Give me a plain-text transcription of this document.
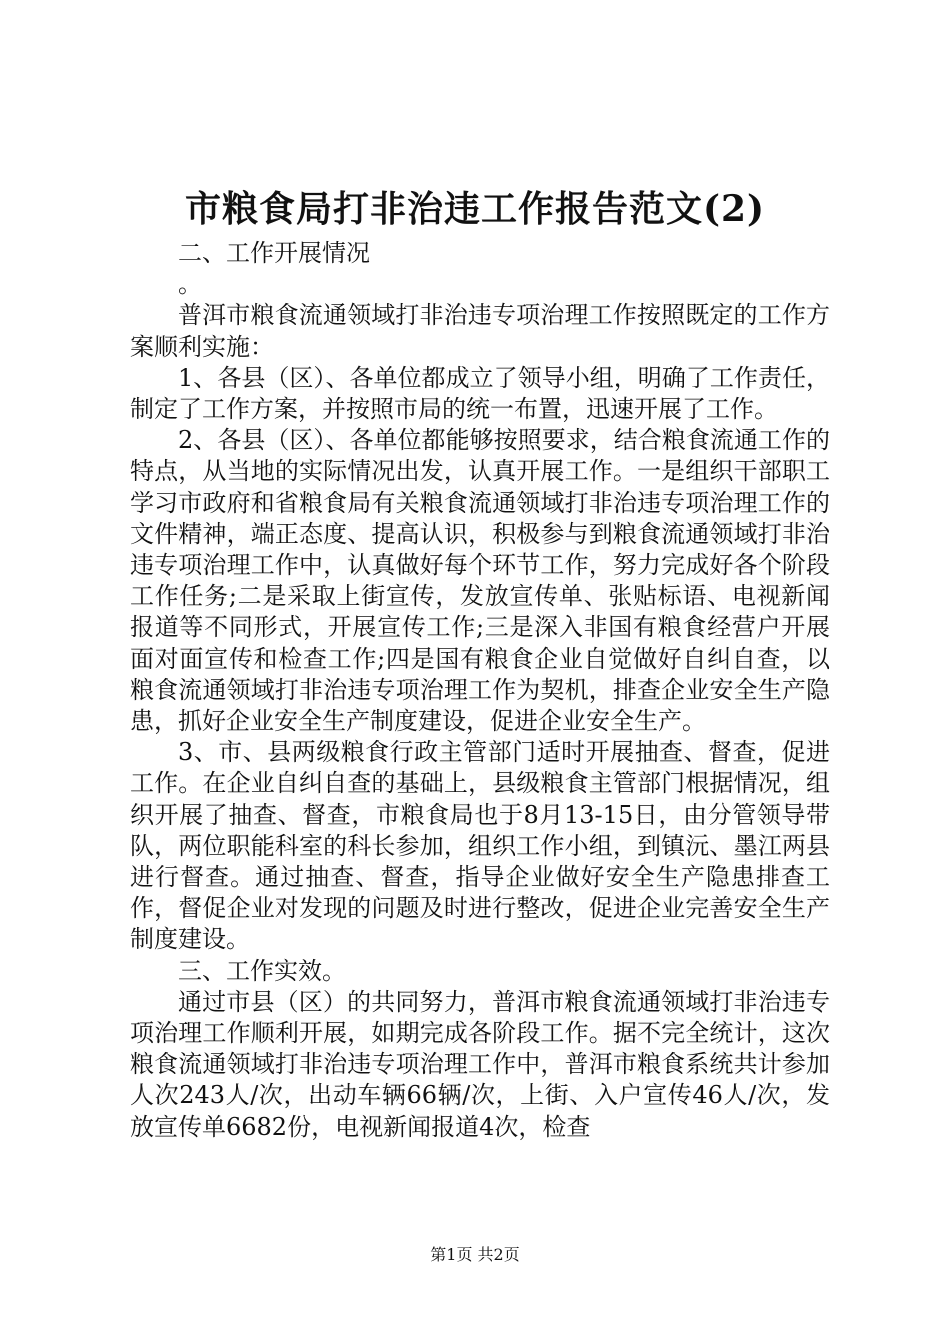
市粮食局打非治违工作报告范文(2)

二、工作开展情况

。

普洱市粮食流通领域打非治违专项治理工作按照既定的工作方案顺利实施：

1、各县（区）、各单位都成立了领导小组，明确了工作责任，制定了工作方案，并按照市局的统一布置，迅速开展了工作。

2、各县（区）、各单位都能够按照要求，结合粮食流通工作的特点，从当地的实际情况出发，认真开展工作。一是组织干部职工学习市政府和省粮食局有关粮食流通领域打非治违专项治理工作的文件精神，端正态度、提高认识，积极参与到粮食流通领域打非治违专项治理工作中，认真做好每个环节工作，努力完成好各个阶段工作任务;二是采取上街宣传，发放宣传单、张贴标语、电视新闻报道等不同形式，开展宣传工作;三是深入非国有粮食经营户开展面对面宣传和检查工作;四是国有粮食企业自觉做好自纠自查，以粮食流通领域打非治违专项治理工作为契机，排查企业安全生产隐患，抓好企业安全生产制度建设，促进企业安全生产。

3、市、县两级粮食行政主管部门适时开展抽查、督查，促进工作。在企业自纠自查的基础上，县级粮食主管部门根据情况，组织开展了抽查、督查，市粮食局也于8月13-15日，由分管领导带队，两位职能科室的科长参加，组织工作小组，到镇沅、墨江两县进行督查。通过抽查、督查，指导企业做好安全生产隐患排查工作，督促企业对发现的问题及时进行整改，促进企业完善安全生产制度建设。

三、工作实效。

通过市县（区）的共同努力，普洱市粮食流通领域打非治违专项治理工作顺利开展，如期完成各阶段工作。据不完全统计，这次粮食流通领域打非治违专项治理工作中，普洱市粮食系统共计参加人次243人/次，出动车辆66辆/次，上街、入户宣传46人/次，发放宣传单6682份，电视新闻报道4次，检查

第1页 共2页
